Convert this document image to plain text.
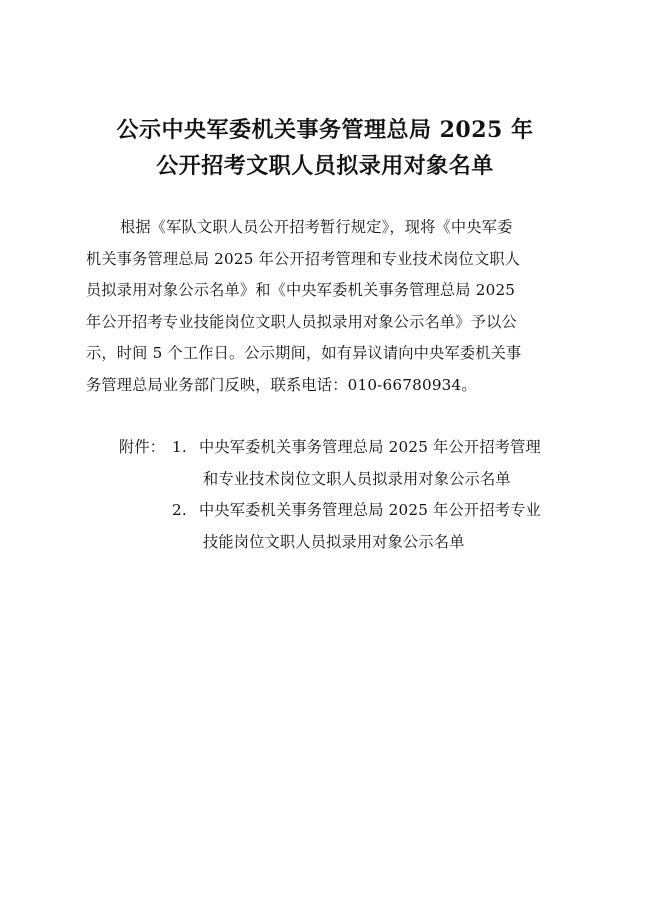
公示中央军委机关事务管理总局 2025 年
公开招考文职人员拟录用对象名单
根据《军队文职人员公开招考暂行规定》，现将《中央军委
机关事务管理总局 2025 年公开招考管理和专业技术岗位文职人
员拟录用对象公示名单》和《中央军委机关事务管理总局 2025
年公开招考专业技能岗位文职人员拟录用对象公示名单》予以公
示，时间 5 个工作日。公示期间，如有异议请向中央军委机关事
务管理总局业务部门反映，联系电话：010-66780934。
附件： 1. 中央军委机关事务管理总局 2025 年公开招考管理
和专业技术岗位文职人员拟录用对象公示名单
2. 中央军委机关事务管理总局 2025 年公开招考专业
技能岗位文职人员拟录用对象公示名单
